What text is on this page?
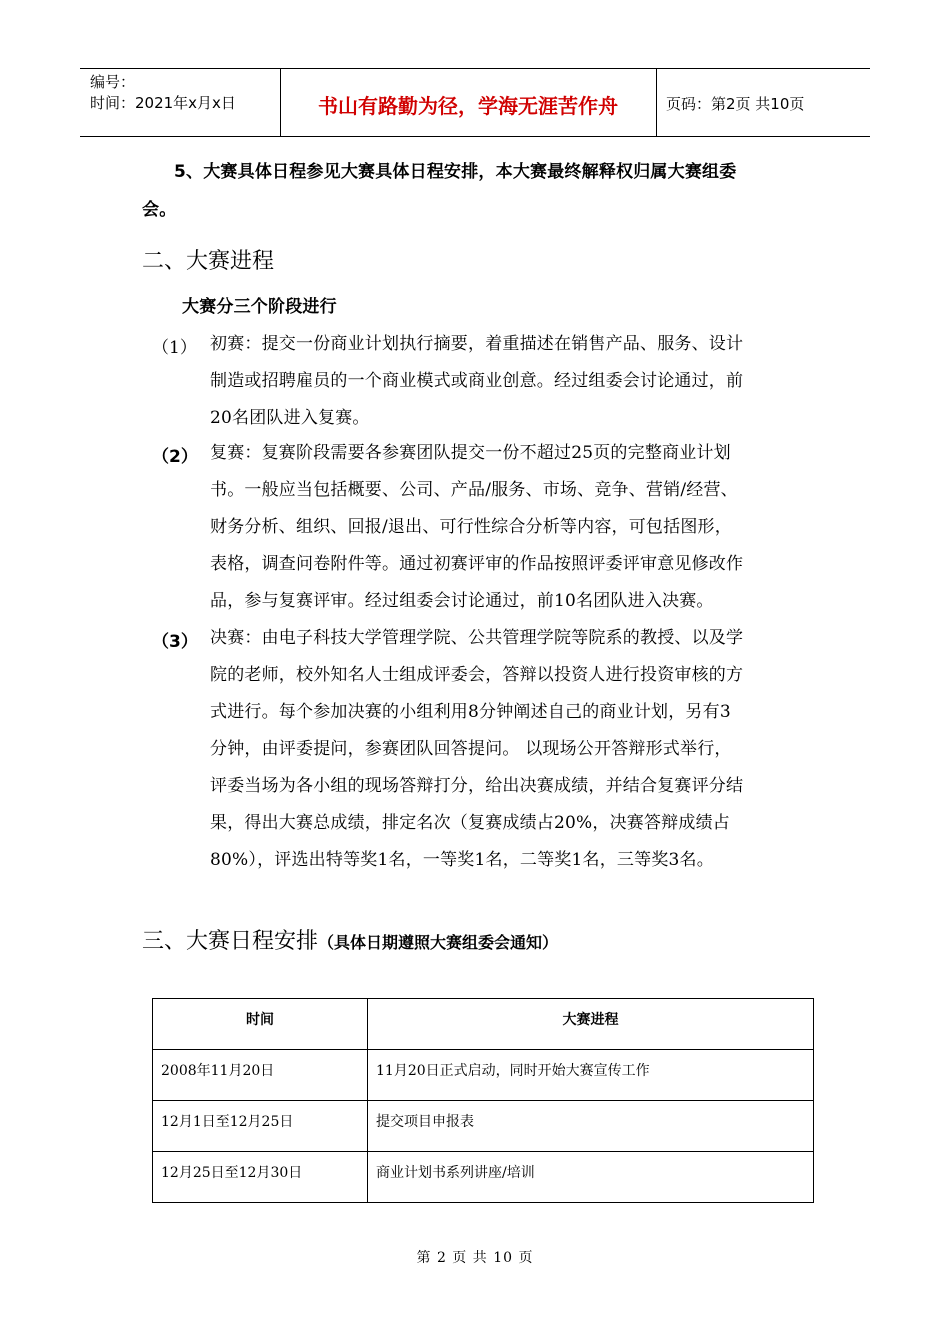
编号：
时间：2021年x月x日	书山有路勤为径，学海无涯苦作舟	页码：第2页 共10页
5、大赛具体日程参见大赛具体日程安排，本大赛最终解释权归属大赛组委
会。
二、大赛进程
大赛分三个阶段进行
（1） 初赛：提交一份商业计划执行摘要，着重描述在销售产品、服务、设计
制造或招聘雇员的一个商业模式或商业创意。经过组委会讨论通过，前
20名团队进入复赛。
（2） 复赛：复赛阶段需要各参赛团队提交一份不超过25页的完整商业计划
书。一般应当包括概要、公司、产品/服务、市场、竞争、营销/经营、
财务分析、组织、回报/退出、可行性综合分析等内容，可包括图形，
表格，调查问卷附件等。通过初赛评审的作品按照评委评审意见修改作
品，参与复赛评审。经过组委会讨论通过，前10名团队进入决赛。
（3） 决赛：由电子科技大学管理学院、公共管理学院等院系的教授、以及学
院的老师，校外知名人士组成评委会，答辩以投资人进行投资审核的方
式进行。每个参加决赛的小组利用8分钟阐述自己的商业计划，另有3
分钟，由评委提问，参赛团队回答提问。 以现场公开答辩形式举行，
评委当场为各小组的现场答辩打分，给出决赛成绩，并结合复赛评分结
果，得出大赛总成绩，排定名次（复赛成绩占20%，决赛答辩成绩占
80%），评选出特等奖1名，一等奖1名，二等奖1名，三等奖3名。
三、大赛日程安排（具体日期遵照大赛组委会通知）
时间	大赛进程
2008年11月20日	11月20日正式启动，同时开始大赛宣传工作
12月1日至12月25日	提交项目申报表
12月25日至12月30日	商业计划书系列讲座/培训
第 2 页 共 10 页
